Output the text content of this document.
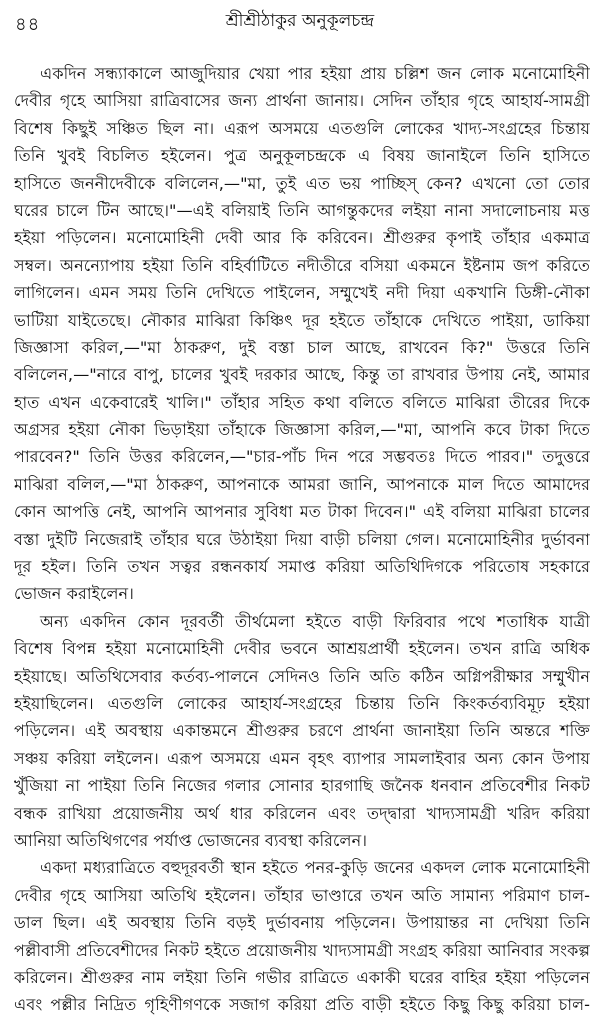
৪৪	শ্রীশ্রীঠাকুর অনুকূলচন্দ্র
একদিন সন্ধ্যাকালে আজুদিয়ার খেয়া পার হইয়া প্রায় চল্লিশ জন লোক মনোমোহিনী
দেবীর গৃহে আসিয়া রাত্রিবাসের জন্য প্রার্থনা জানায়। সেদিন তাঁহার গৃহে আহার্য-সামগ্রী
বিশেষ কিছুই সঞ্চিত ছিল না। এরূপ অসময়ে এতগুলি লোকের খাদ্য-সংগ্রহের চিন্তায়
তিনি খুবই বিচলিত হইলেন। পুত্র অনুকূলচন্দ্রকে এ বিষয় জানাইলে তিনি হাসিতে
হাসিতে জননীদেবীকে বলিলেন,—"মা, তুই এত ভয় পাচ্ছিস্ কেন? এখনো তো তোর
ঘরের চালে টিন আছে।"—এই বলিয়াই তিনি আগন্তুকদের লইয়া নানা সদালোচনায় মত্ত
হইয়া পড়িলেন। মনোমোহিনী দেবী আর কি করিবেন। শ্রীগুরুর কৃপাই তাঁহার একমাত্র
সম্বল। অনন্যোপায় হইয়া তিনি বহির্বাটিতে নদীতীরে বসিয়া একমনে ইষ্টনাম জপ করিতে
লাগিলেন। এমন সময় তিনি দেখিতে পাইলেন, সম্মুখেই নদী দিয়া একখানি ডিঙ্গী-নৌকা
ভাটিয়া যাইতেছে। নৌকার মাঝিরা কিঞ্চিৎ দূর হইতে তাঁহাকে দেখিতে পাইয়া, ডাকিয়া
জিজ্ঞাসা করিল,—"মা ঠাকরুণ, দুই বস্তা চাল আছে, রাখবেন কি?" উত্তরে তিনি
বলিলেন,—"নারে বাপু, চালের খুবই দরকার আছে, কিন্তু তা রাখবার উপায় নেই, আমার
হাত এখন একেবারেই খালি।" তাঁহার সহিত কথা বলিতে বলিতে মাঝিরা তীরের দিকে
অগ্রসর হইয়া নৌকা ভিড়াইয়া তাঁহাকে জিজ্ঞাসা করিল,—"মা, আপনি কবে টাকা দিতে
পারবেন?" তিনি উত্তর করিলেন,—"চার-পাঁচ দিন পরে সম্ভবতঃ দিতে পারব।" তদুত্তরে
মাঝিরা বলিল,—"মা ঠাকরুণ, আপনাকে আমরা জানি, আপনাকে মাল দিতে আমাদের
কোন আপত্তি নেই, আপনি আপনার সুবিধা মত টাকা দিবেন।" এই বলিয়া মাঝিরা চালের
বস্তা দুইটি নিজেরাই তাঁহার ঘরে উঠাইয়া দিয়া বাড়ী চলিয়া গেল। মনোমোহিনীর দুর্ভাবনা
দূর হইল। তিনি তখন সত্বর রন্ধনকার্য সমাপ্ত করিয়া অতিথিদিগকে পরিতোষ সহকারে
ভোজন করাইলেন।
অন্য একদিন কোন দূরবর্তী তীর্থমেলা হইতে বাড়ী ফিরিবার পথে শতাধিক যাত্রী
বিশেষ বিপন্ন হইয়া মনোমোহিনী দেবীর ভবনে আশ্রয়প্রার্থী হইলেন। তখন রাত্রি অধিক
হইয়াছে। অতিথিসেবার কর্তব্য-পালনে সেদিনও তিনি অতি কঠিন অগ্নিপরীক্ষার সম্মুখীন
হইয়াছিলেন। এতগুলি লোকের আহার্য-সংগ্রহের চিন্তায় তিনি কিংকর্তব্যবিমূঢ় হইয়া
পড়িলেন। এই অবস্থায় একান্তমনে শ্রীগুরুর চরণে প্রার্থনা জানাইয়া তিনি অন্তরে শক্তি
সঞ্চয় করিয়া লইলেন। এরূপ অসময়ে এমন বৃহৎ ব্যাপার সামলাইবার অন্য কোন উপায়
খুঁজিয়া না পাইয়া তিনি নিজের গলার সোনার হারগাছি জনৈক ধনবান প্রতিবেশীর নিকট
বন্ধক রাখিয়া প্রয়োজনীয় অর্থ ধার করিলেন এবং তদ্দ্বারা খাদ্যসামগ্রী খরিদ করিয়া
আনিয়া অতিথিগণের পর্যাপ্ত ভোজনের ব্যবস্থা করিলেন।
একদা মধ্যরাত্রিতে বহুদূরবর্তী স্থান হইতে পনর-কুড়ি জনের একদল লোক মনোমোহিনী
দেবীর গৃহে আসিয়া অতিথি হইলেন। তাঁহার ভাণ্ডারে তখন অতি সামান্য পরিমাণ চাল-
ডাল ছিল। এই অবস্থায় তিনি বড়ই দুর্ভাবনায় পড়িলেন। উপায়ান্তর না দেখিয়া তিনি
পল্লীবাসী প্রতিবেশীদের নিকট হইতে প্রয়োজনীয় খাদ্যসামগ্রী সংগ্রহ করিয়া আনিবার সংকল্প
করিলেন। শ্রীগুরুর নাম লইয়া তিনি গভীর রাত্রিতে একাকী ঘরের বাহির হইয়া পড়িলেন
এবং পল্লীর নিদ্রিত গৃহিণীগণকে সজাগ করিয়া প্রতি বাড়ী হইতে কিছু কিছু করিয়া চাল-
